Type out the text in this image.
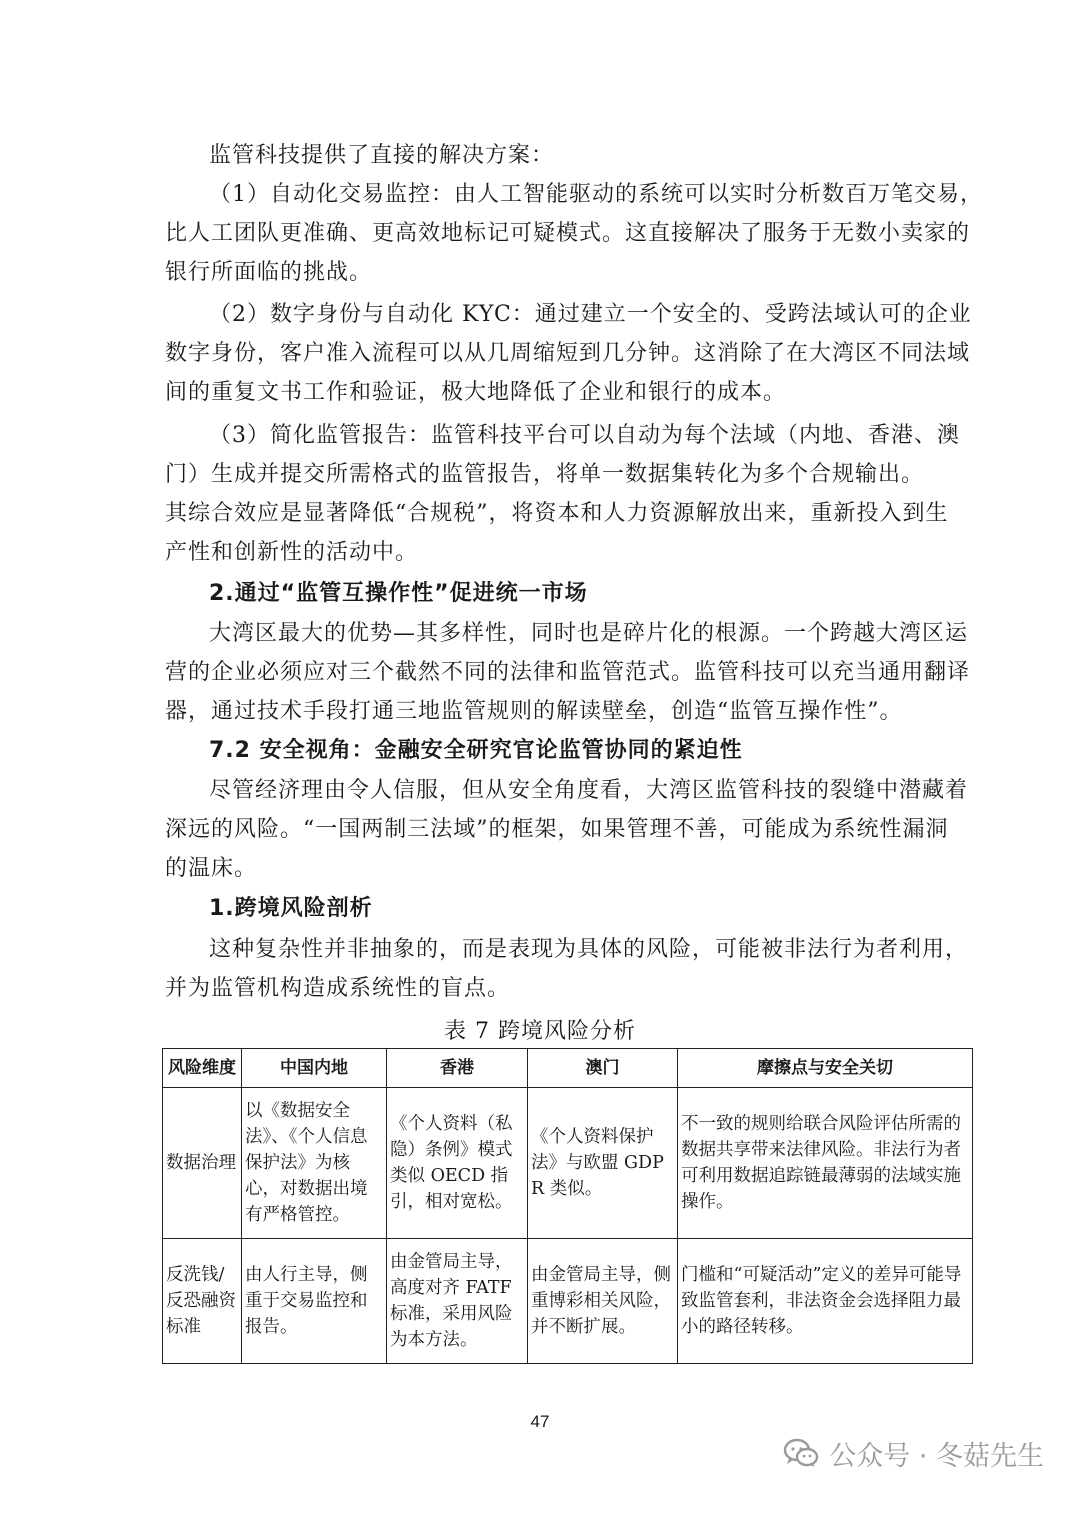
监管科技提供了直接的解决方案：

（1）自动化交易监控：由人工智能驱动的系统可以实时分析数百万笔交易，
比人工团队更准确、更高效地标记可疑模式。这直接解决了服务于无数小卖家的
银行所面临的挑战。

（2）数字身份与自动化 KYC：通过建立一个安全的、受跨法域认可的企业
数字身份，客户准入流程可以从几周缩短到几分钟。这消除了在大湾区不同法域
间的重复文书工作和验证，极大地降低了企业和银行的成本。

（3）简化监管报告：监管科技平台可以自动为每个法域（内地、香港、澳
门）生成并提交所需格式的监管报告，将单一数据集转化为多个合规输出。

其综合效应是显著降低“合规税”，将资本和人力资源解放出来，重新投入到生
产性和创新性的活动中。

2.通过“监管互操作性”促进统一市场

大湾区最大的优势—其多样性，同时也是碎片化的根源。一个跨越大湾区运
营的企业必须应对三个截然不同的法律和监管范式。监管科技可以充当通用翻译
器，通过技术手段打通三地监管规则的解读壁垒，创造“监管互操作性”。

7.2 安全视角：金融安全研究官论监管协同的紧迫性

尽管经济理由令人信服，但从安全角度看，大湾区监管科技的裂缝中潜藏着
深远的风险。“一国两制三法域”的框架，如果管理不善，可能成为系统性漏洞
的温床。

1.跨境风险剖析

这种复杂性并非抽象的，而是表现为具体的风险，可能被非法行为者利用，
并为监管机构造成系统性的盲点。

表 7 跨境风险分析
风险维度	中国内地	香港	澳门	摩擦点与安全关切
数据治理	以《数据安全法》、《个人信息保护法》为核心，对数据出境有严格管控。	《个人资料（私隐）条例》模式类似 OECD 指引，相对宽松。	《个人资料保护法》与欧盟 GDPR 类似。	不一致的规则给联合风险评估所需的数据共享带来法律风险。非法行为者可利用数据追踪链最薄弱的法域实施操作。
反洗钱/反恐融资标准	由人行主导，侧重于交易监控和报告。	由金管局主导，高度对齐 FATF 标准，采用风险为本方法。	由金管局主导，侧重博彩相关风险，并不断扩展。	门槛和“可疑活动”定义的差异可能导致监管套利，非法资金会选择阻力最小的路径转移。
47
公众号 · 冬菇先生
